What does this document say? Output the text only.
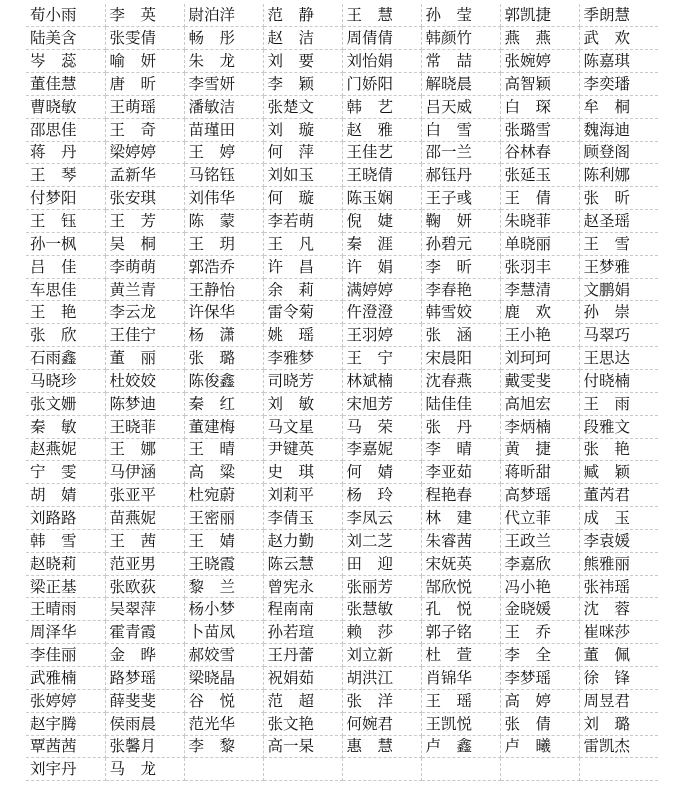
荀小雨	李　英	尉泊洋	范　静	王　慧	孙　莹	郭凯捷	季朗慧
陆美含	张雯倩	畅　彤	赵　洁	周倩倩	韩颜竹	燕　燕	武　欢
岑　蕊	喻　妍	朱　龙	刘　要	刘怡娟	常　喆	张婉婷	陈嘉琪
董佳慧	唐　昕	李雪妍	李　颖	门娇阳	解晓晨	高智颖	李奕璠
曹晓敏	王萌瑶	潘敏洁	张楚文	韩　艺	吕天威	白　琛	牟　桐
邵思佳	王　奇	苗瑾田	刘　璇	赵　雅	白　雪	张璐雪	魏海迪
蒋　丹	梁婷婷	王　婷	何　萍	王佳艺	邵一兰	谷林春	顾登阁
王　琴	孟新华	马铭钰	刘如玉	王晓倩	郝钰丹	张延玉	陈利娜
付梦阳	张安琪	刘伟华	何　璇	陈玉娴	王子彧	王　倩	张　昕
王　钰	王　芳	陈　蒙	李若萌	倪　婕	鞠　妍	朱晓菲	赵圣瑶
孙一枫	吴　桐	王　玥	王　凡	秦　涯	孙碧元	单晓丽	王　雪
吕　佳	李萌萌	郭浩乔	许　昌	许　娟	李　昕	张羽丰	王梦雅
车思佳	黄兰青	王静怡	余　莉	满婷婷	李春艳	李慧清	文鹏娟
王　艳	李云龙	许保华	雷令菊	仵澄澄	韩雪姣	鹿　欢	孙　崇
张　欣	王佳宁	杨　潇	姚　瑶	王羽婷	张　涵	王小艳	马翠巧
石雨鑫	董　丽	张　璐	李雅梦	王　宁	宋晨阳	刘珂珂	王思达
马晓珍	杜姣姣	陈俊鑫	司晓芳	林斌楠	沈春燕	戴雯斐	付晓楠
张文姗	陈梦迪	秦　红	刘　敏	宋旭芳	陆佳佳	高旭宏	王　雨
秦　敏	王晓菲	董建梅	马文星	马　荣	张　丹	李炳楠	段雅文
赵燕妮	王　娜	王　晴	尹键英	李嘉妮	李　晴	黄　捷	张　艳
宁　雯	马伊涵	高　粱	史　琪	何　婧	李亚茹	蒋昕甜	臧　颖
胡　婧	张亚平	杜宛蔚	刘莉平	杨　玲	程艳春	高梦瑶	董芮君
刘路路	苗燕妮	王密丽	李倩玉	李凤云	林　建	代立菲	成　玉
韩　雪	王　茜	王　婧	赵力勤	刘二芝	朱睿茜	王政兰	李袁媛
赵晓莉	范亚男	王晓霞	陈云慧	田　迎	宋妩英	李嘉欣	熊雅丽
梁正基	张欧荻	黎　兰	曾宪永	张丽芳	郜欣悦	冯小艳	张祎瑶
王晴雨	吴翠萍	杨小梦	程南南	张慧敏	孔　悦	金晓媛	沈　蓉
周泽华	霍青霞	卜苗凤	孙若瑄	赖　莎	郭子铭	王　乔	崔咪莎
李佳丽	金　晔	郝姣雪	王丹蕾	刘立新	杜　萱	李　全	董　佩
武雅楠	路梦瑶	梁晓晶	祝娟茹	胡洪江	肖锦华	李梦瑶	徐　锋
张婷婷	薛斐斐	谷　悦	范　超	张　洋	王　瑶	高　婷	周昱君
赵宇腾	侯雨晨	范光华	张文艳	何婉君	王凯悦	张　倩	刘　璐
覃茜茜	张馨月	李　黎	高一杲	惠　慧	卢　鑫	卢　曦	雷凯杰
刘宇丹	马　龙						
